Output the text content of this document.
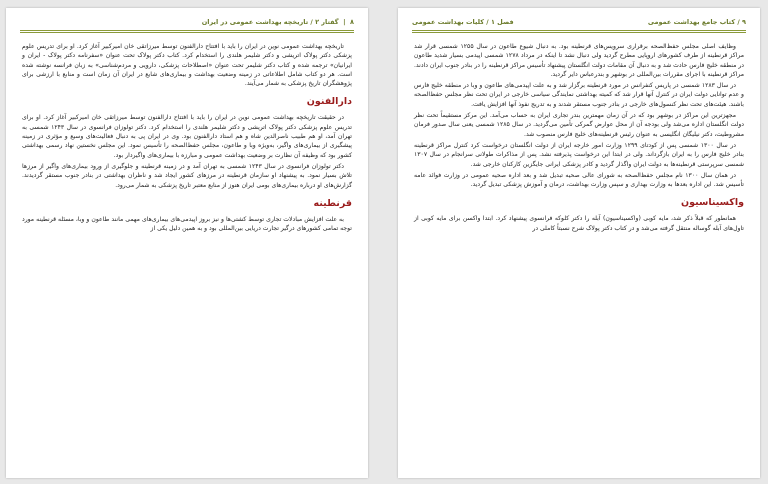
۸  |  گفتار ۲ / تاریخچه بهداشت عمومی در ایران

تاریخچه بهداشت عمومی نوین در ایران را باید با افتتاح دارالفنون توسط میرزاتقی خان امیرکبیر آغاز کرد. او برای تدریس علوم پزشکی دکتر پولاک اتریشی و دکتر شلیمر هلندی را استخدام کرد. کتاب دکتر پولاک تحت عنوان «سفرنامه دکتر پولاک - ایران و ایرانیان» ترجمه شده و کتاب دکتر شلیمر تحت عنوان «اصطلاحات پزشکی، دارویی و مردم‌شناسی» به زبان فرانسه نوشته شده است. هر دو کتاب شامل اطلاعاتی در زمینه وضعیت بهداشت و بیماری‌های شایع در ایران آن زمان است و منابع با ارزشی برای پژوهشگران تاریخ پزشکی به شمار می‌آیند.

دارالفنون

در حقیقت تاریخچه بهداشت عمومی نوین در ایران را باید با افتتاح دارالفنون توسط میرزاتقی خان امیرکبیر آغاز کرد. او برای تدریس علوم پزشکی دکتر پولاک اتریشی و دکتر شلیمر هلندی را استخدام کرد. دکتر تولوزان فرانسوی در سال ۱۲۴۳ شمسی به تهران آمد، او هم طبیب ناصرالدین شاه و هم استاد دارالفنون بود. وی در ایران پی به دنبال فعالیت‌های وسیع و مؤثری در زمینه پیشگیری از بیماری‌های واگیر، به‌ویژه وبا و طاعون، مجلس حفظ‌الصحه را تأسیس نمود. این مجلس نخستین نهاد رسمی بهداشتی کشور بود که وظیفه آن نظارت بر وضعیت بهداشت عمومی و مبارزه با بیماری‌های واگیردار بود.

دکتر تولوزان فرانسوی در سال ۱۲۴۳ شمسی به تهران آمد و در زمینه قرنطینه و جلوگیری از ورود بیماری‌های واگیر از مرزها تلاش بسیار نمود. به پیشنهاد او سازمان قرنطینه در مرزهای کشور ایجاد شد و ناظران بهداشتی در بنادر جنوب مستقر گردیدند. گزارش‌های او درباره بیماری‌های بومی ایران هنوز از منابع معتبر تاریخ پزشکی به شمار می‌رود.

قرنطینه

به علت افزایش مبادلات تجاری توسط کشتی‌ها و نیز بروز اپیدمی‌های بیماری‌های مهمی مانند طاعون و وبا، مسئله قرنطینه مورد توجه تمامی کشورهای درگیر تجارت دریایی بین‌المللی بود و به همین دلیل یکی از

۹ / کتاب جامع بهداشت عمومی
فصل ۱ / کلیات بهداشت عمومی

وظایف اصلی مجلس حفظ‌الصحه برقراری سرویس‌های قرنطینه بود. به دنبال شیوع طاعون در سال ۱۲۵۵ شمسی قرار شد مراکز قرنطینه از طرف کشورهای اروپایی مطرح گردید ولی دنبال نشد تا اینکه در مرداد ۱۲۷۸ شمسی اپیدمی بسیار شدید طاعون در منطقه خلیج فارس حادث شد و به دنبال آن مقامات دولت انگلستان پیشنهاد تأسیس مراکز قرنطینه را در بنادر جنوب ایران دادند. مراکز قرنطینه با اجرای مقررات بین‌المللی در بوشهر و بندرعباس دایر گردید.

در سال ۱۲۸۳ شمسی در پاریس کنفرانس در مورد قرنطینه برگزار شد و به علت اپیدمی‌های طاعون و وبا در منطقه خلیج فارس و عدم توانایی دولت ایران در کنترل آنها قرار شد که کمیته بهداشتی نمایندگی سیاسی خارجی در ایران تحت نظر مجلس حفظ‌الصحه باشند. هیئت‌های تحت نظر کنسول‌های خارجی در بنادر جنوب مستقر شدند و به تدریج نفوذ آنها افزایش یافت.

مجهزترین این مراکز در بوشهر بود که در آن زمان مهمترین بندر تجاری ایران به حساب می‌آمد. این مرکز مستقیماً تحت نظر دولت انگلستان اداره می‌شد ولی بودجه آن از محل عوارض گمرکی تأمین می‌گردید. در سال ۱۲۸۵ شمسی یعنی سال صدور فرمان مشروطیت، دکتر نیلیگان انگلیسی به عنوان رئیس قرنطینه‌های خلیج فارس منصوب شد.

در سال ۱۳۰۰ شمسی پس از کودتای ۱۲۹۹ وزارت امور خارجه ایران از دولت انگلستان درخواست کرد کنترل مراکز قرنطینه بنادر خلیج فارس را به ایران بازگرداند. ولی در ابتدا این درخواست پذیرفته نشد. پس از مذاکرات طولانی سرانجام در سال ۱۳۰۷ شمسی سرپرستی قرنطینه‌ها به دولت ایران واگذار گردید و کادر پزشکی ایرانی جایگزین کارکنان خارجی شد.

در همان سال ۱۳۰۰ نام مجلس حفظ‌الصحه به شورای عالی صحیه تبدیل شد و بعد اداره صحیه عمومی در وزارت فوائد عامه تأسیس شد. این اداره بعدها به وزارت بهداری و سپس وزارت بهداشت، درمان و آموزش پزشکی تبدیل گردید.

واکسیناسیون

همانطور که قبلاً ذکر شد، مایه کوبی (واکسیناسیون) آبله را دکتر کلوکه فرانسوی پیشنهاد کرد. ابتدا واکسن برای مایه کوبی از تاول‌های آبله گوساله منتقل گرفته می‌شد و در کتاب دکتر پولاک شرح نسبتاً کاملی در
